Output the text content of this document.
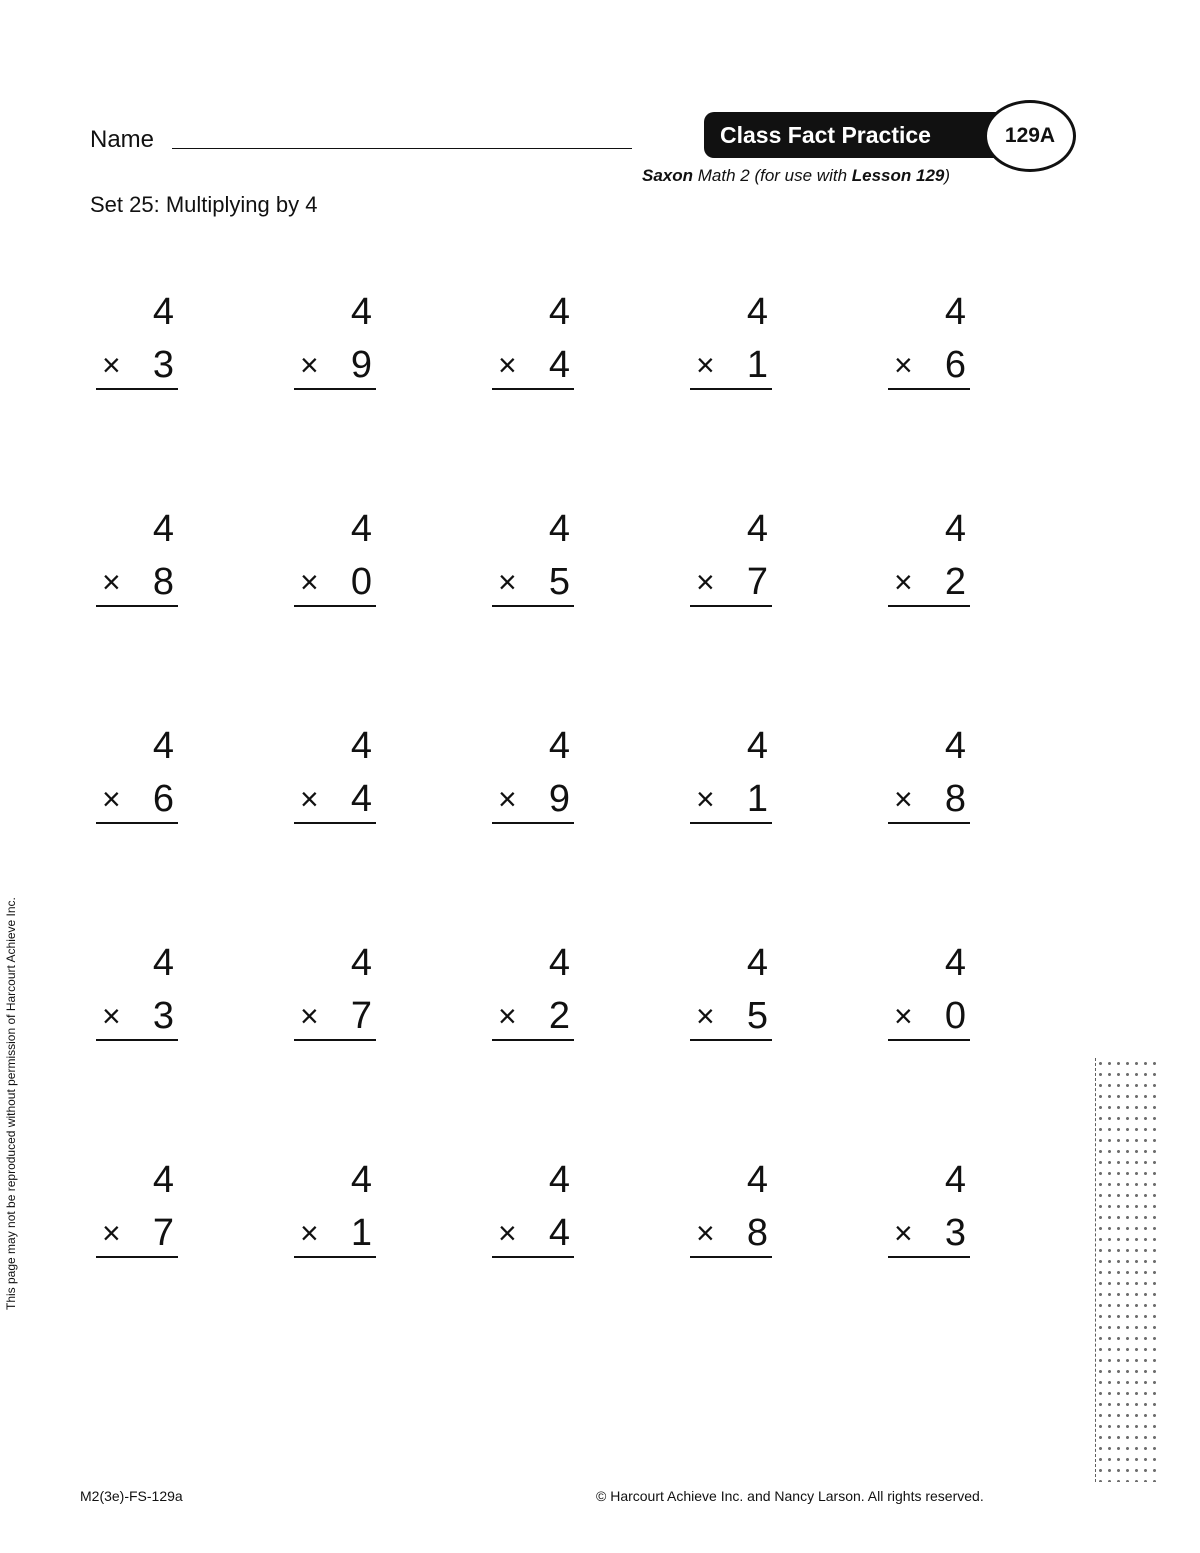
Name
Set 25: Multiplying by 4
Class Fact Practice	129A
Saxon Math 2 (for use with Lesson 129)
4
× 3
4
× 9
4
× 4
4
× 1
4
× 6
4
× 8
4
× 0
4
× 5
4
× 7
4
× 2
4
× 6
4
× 4
4
× 9
4
× 1
4
× 8
4
× 3
4
× 7
4
× 2
4
× 5
4
× 0
4
× 7
4
× 1
4
× 4
4
× 8
4
× 3
This page may not be reproduced without permission of Harcourt Achieve Inc.
M2(3e)-FS-129a	© Harcourt Achieve Inc. and Nancy Larson. All rights reserved.
